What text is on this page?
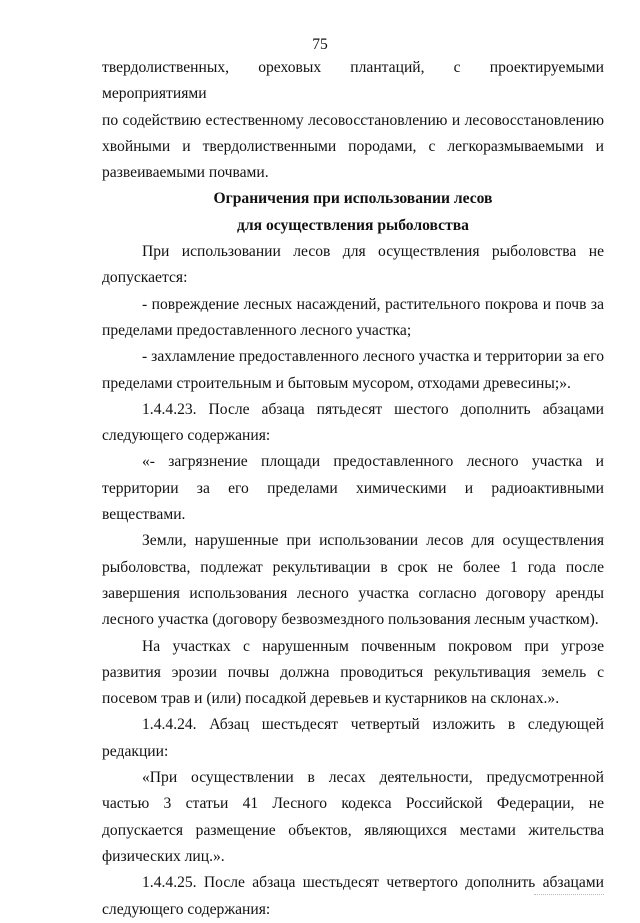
75

твердолиственных, ореховых плантаций, с проектируемыми мероприятиями

по содействию естественному лесовосстановлению и лесовосстановлению

хвойными и твердолиственными породами, с легкоразмываемыми и

развеиваемыми почвами.

Ограничения при использовании лесов

для осуществления рыболовства

При использовании лесов для осуществления рыболовства не допускается:

- повреждение лесных насаждений, растительного покрова и почв за пределами предоставленного лесного участка;

- захламление предоставленного лесного участка и территории за его пределами строительным и бытовым мусором, отходами древесины;».

1.4.4.23. После абзаца пятьдесят шестого дополнить абзацами следующего содержания:

«- загрязнение площади предоставленного лесного участка и территории за его пределами химическими и радиоактивными веществами.

Земли, нарушенные при использовании лесов для осуществления рыболовства, подлежат рекультивации в срок не более 1 года после завершения использования лесного участка согласно договору аренды лесного участка (договору безвозмездного пользования лесным участком).

На участках с нарушенным почвенным покровом при угрозе развития эрозии почвы должна проводиться рекультивация земель с посевом трав и (или) посадкой деревьев и кустарников на склонах.».

1.4.4.24. Абзац шестьдесят четвертый изложить в следующей редакции:

«При осуществлении в лесах деятельности, предусмотренной частью 3 статьи 41 Лесного кодекса Российской Федерации, не допускается размещение объектов, являющихся местами жительства физических лиц.».

1.4.4.25. После абзаца шестьдесят четвертого дополнить абзацами следующего содержания:
